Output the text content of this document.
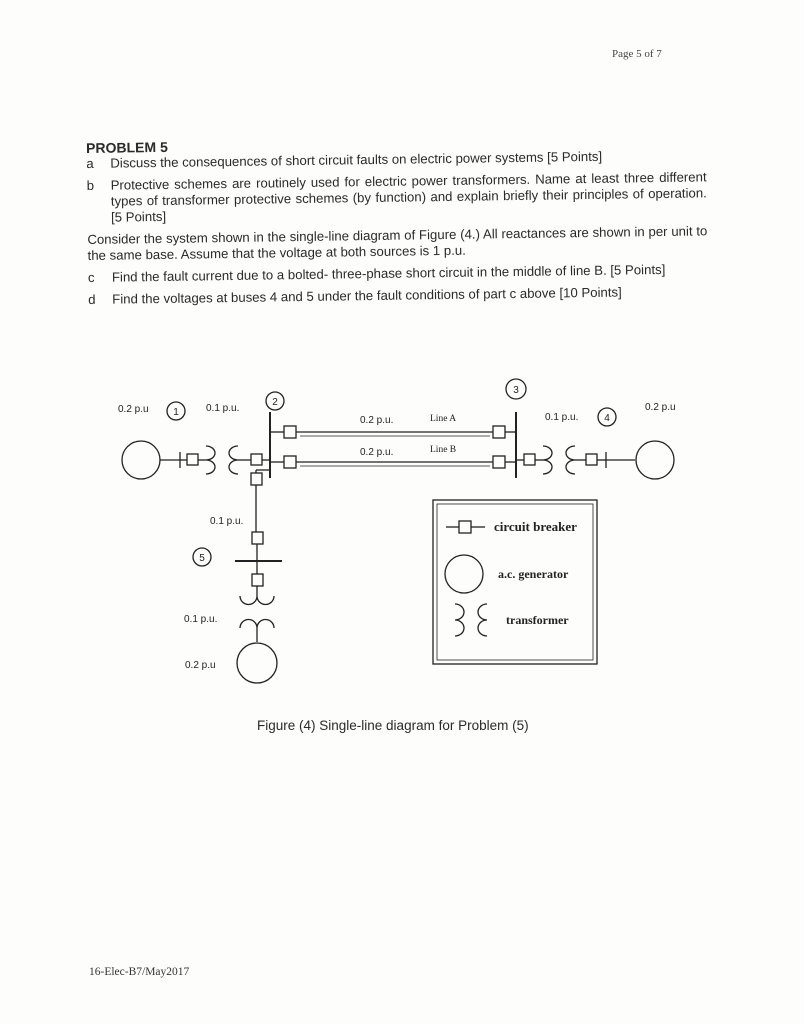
Page 5 of 7
PROBLEM 5
a	Discuss the consequences of short circuit faults on electric power systems [5 Points]
b	Protective schemes are routinely used for electric power transformers. Name at least three different types of transformer protective schemes (by function) and explain briefly their principles of operation. [5 Points]
Consider the system shown in the single-line diagram of Figure (4.) All reactances are shown in per unit to the same base. Assume that the voltage at both sources is 1 p.u.
c	Find the fault current due to a bolted- three-phase short circuit in the middle of line B. [5 Points]
d	Find the voltages at buses 4 and 5 under the fault conditions of part c above [10 Points]
1
2
3
4
5
0.2 p.u	0.1 p.u.
0.2 p.u.
0.2 p.u.
0.1 p.u.
0.2 p.u
0.1 p.u.
0.1 p.u.
0.2 p.u
Line A
Line B
circuit breaker
a.c. generator
transformer
Figure (4) Single-line diagram for Problem (5)
16-Elec-B7/May2017
